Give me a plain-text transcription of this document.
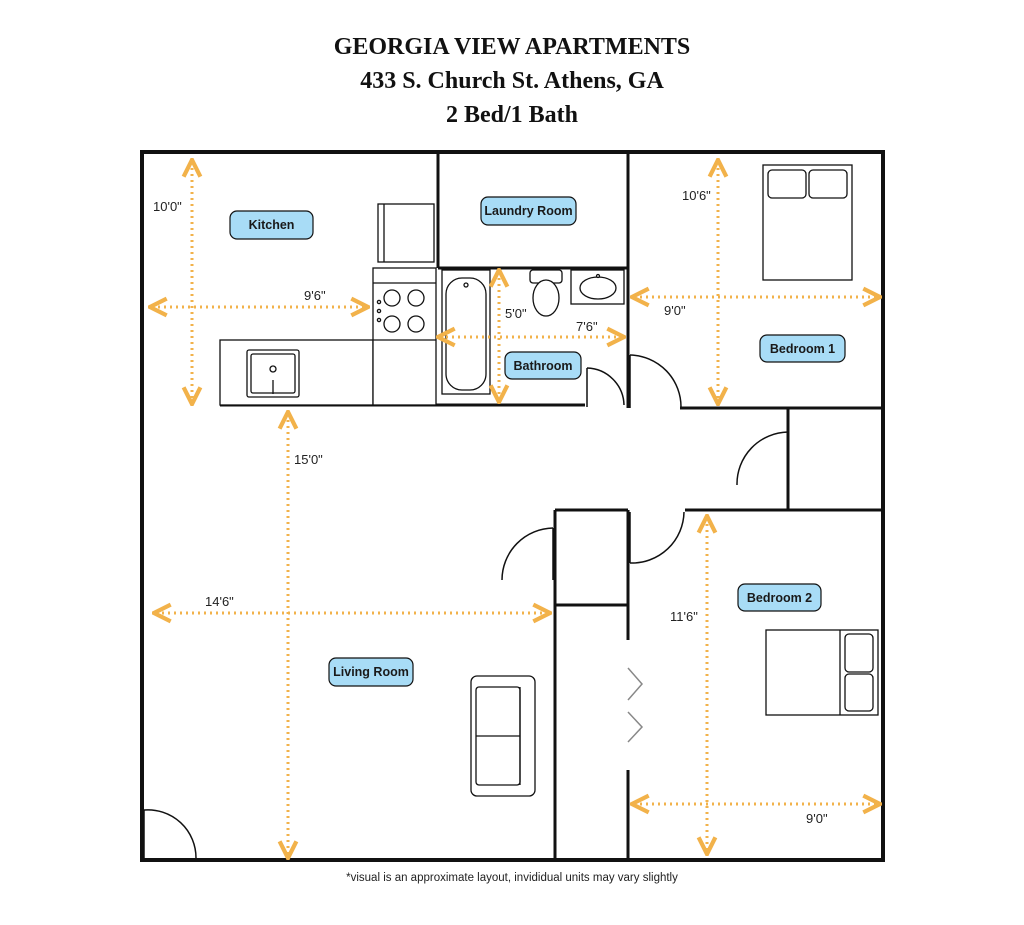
GEORGIA VIEW APARTMENTS
433 S. Church St. Athens, GA
2 Bed/1 Bath
10'0"
9'6"
5'0"
7'6"
10'6"
9'0"
15'0"
14'6"
11'6"
9'0"
Kitchen
Laundry Room
Bathroom
Bedroom 1
Bedroom 2
Living Room
*visual is an approximate layout, invididual units may vary slightly
